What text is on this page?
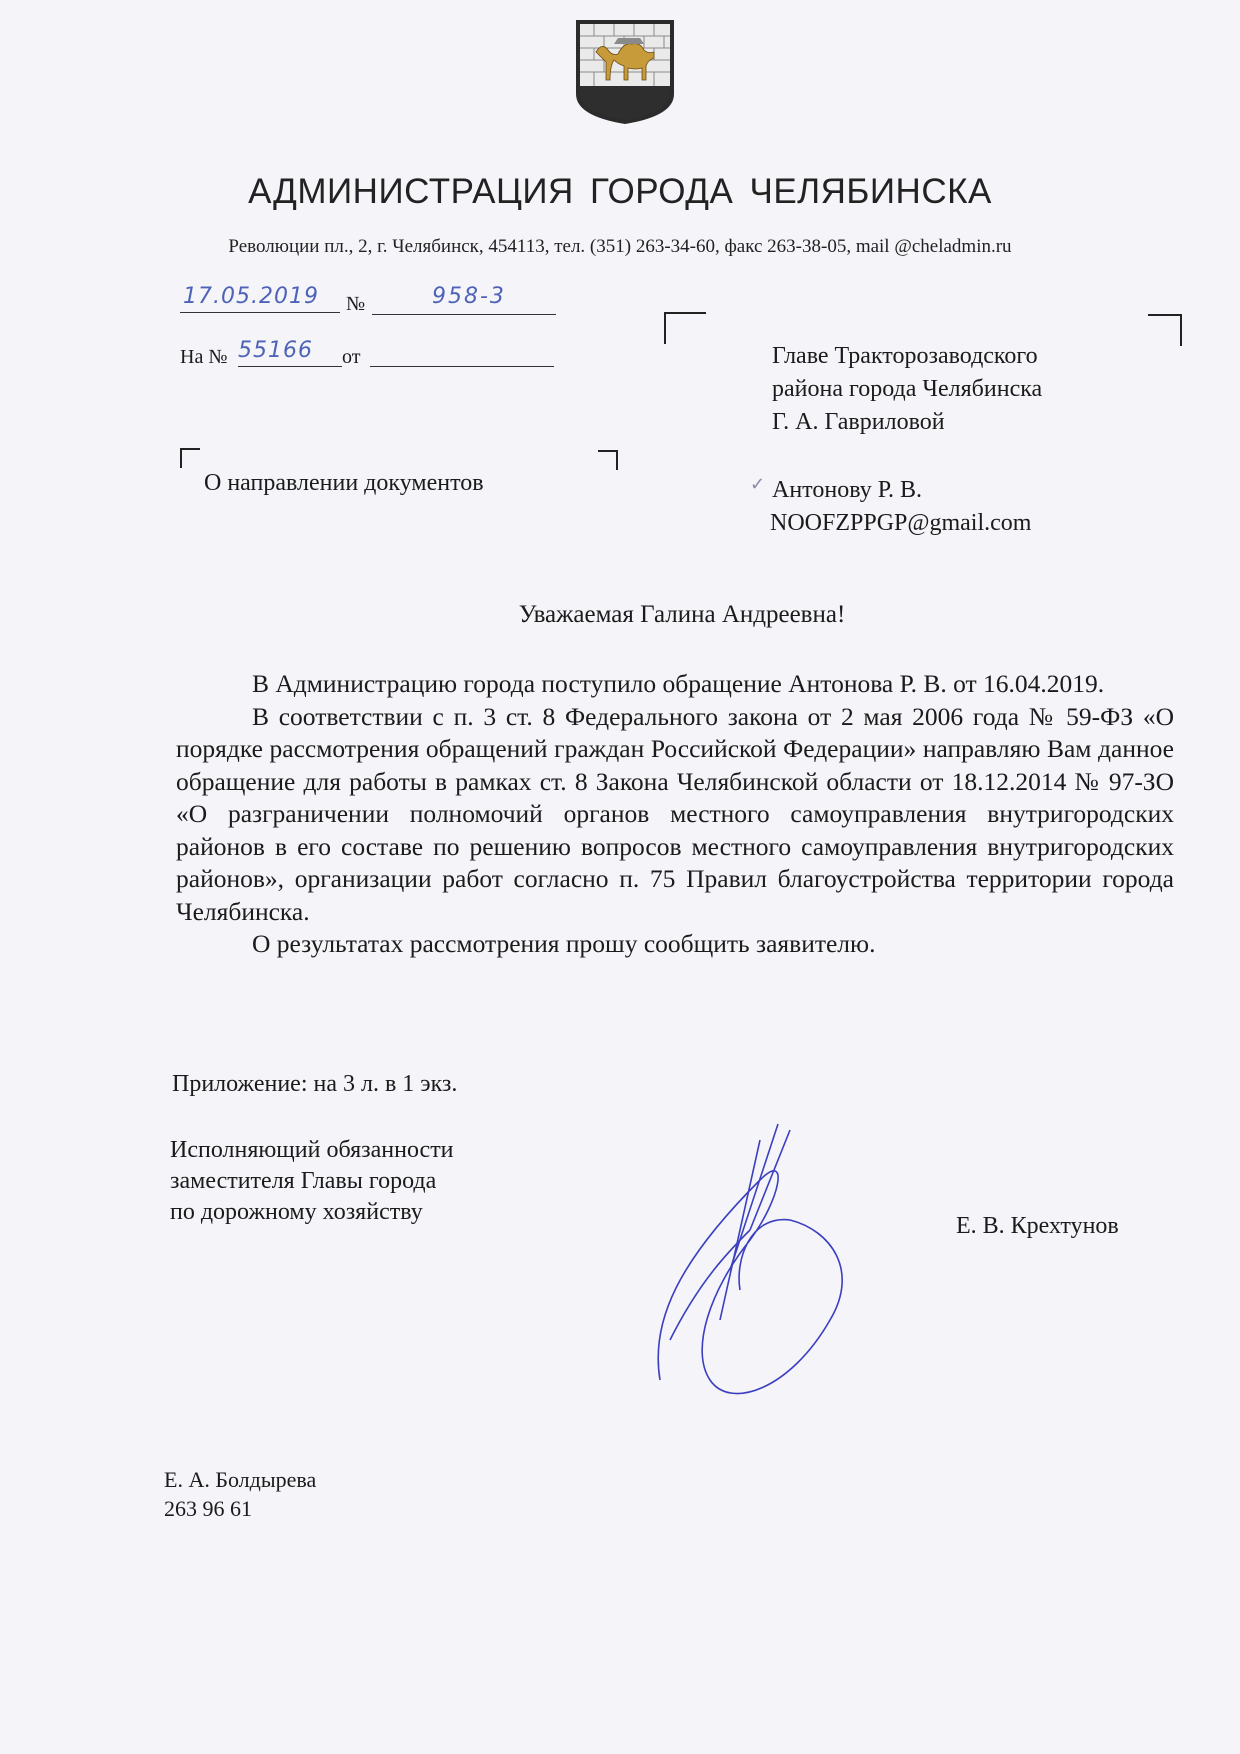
АДМИНИСТРАЦИЯ ГОРОДА ЧЕЛЯБИНСКА
Революции пл., 2, г. Челябинск, 454113, тел. (351) 263-34-60, факс 263-38-05, mail @cheladmin.ru
17.05.2019 №	958-3
На № 55166 от	Главе Тракторозаводского
района города Челябинска
Г. А. Гавриловой
✓ Антонову Р. В.
NOOFZPPGP@gmail.com
О направлении документов
Уважаемая Галина Андреевна!

В Администрацию города поступило обращение Антонова Р. В. от 16.04.2019.

В соответствии с п. 3 ст. 8 Федерального закона от 2 мая 2006 года № 59-ФЗ «О порядке рассмотрения обращений граждан Российской Федерации» направляю Вам данное обращение для работы в рамках ст. 8 Закона Челябинской области от 18.12.2014 № 97-ЗО «О разграничении полномочий органов местного самоуправления внутригородских районов в его составе по решению вопросов местного самоуправления внутригородских районов», организации работ согласно п. 75 Правил благоустройства территории города Челябинска.

О результатах рассмотрения прошу сообщить заявителю.

Приложение: на 3 л. в 1 экз.
Исполняющий обязанности
заместителя Главы города
по дорожному хозяйству
Е. В. Крехтунов
Е. А. Болдырева
263 96 61
